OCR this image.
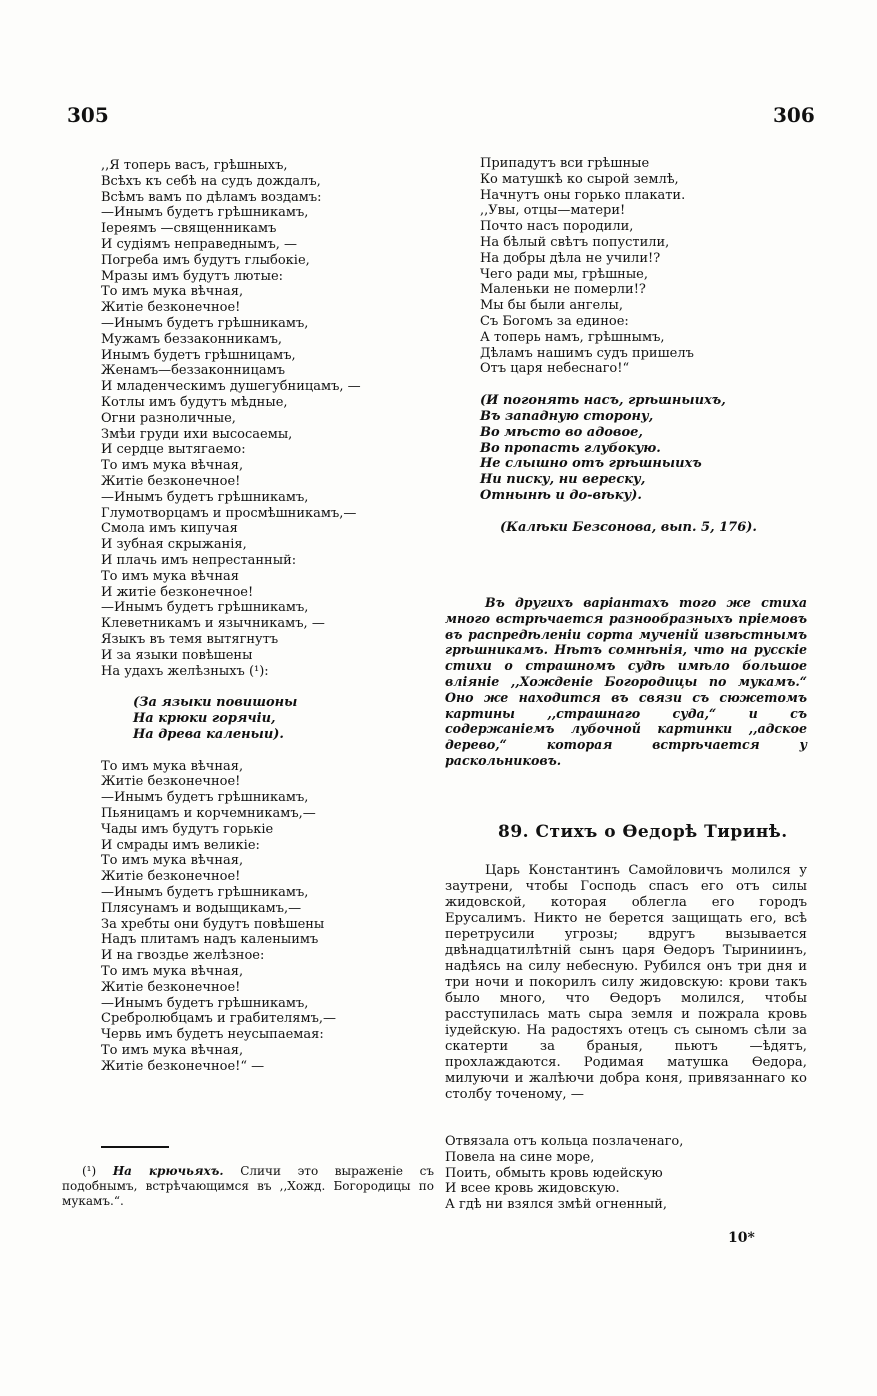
305	306
,,Я топерь васъ, грѣшныхъ,
Всѣхъ къ себѣ на судъ дождалъ,
Всѣмъ вамъ по дѣламъ воздамъ:
—Инымъ будетъ грѣшникамъ,
Iереямъ —священникамъ
И судiямъ неправеднымъ, —
Погреба имъ будутъ глыбокiе,
Мразы имъ будутъ лютые:
То имъ мука вѣчная,
Житiе безконечное!
—Инымъ будетъ грѣшникамъ,
Мужамъ беззаконникамъ,
Инымъ будетъ грѣшницамъ,
Женамъ—беззаконницамъ
И младенческимъ душегубницамъ, —
Котлы имъ будутъ мѣдные,
Огни разноличные,
Змѣи груди ихи высосаемы,
И сердце вытягаемо:
То имъ мука вѣчная,
Житiе безконечное!
—Инымъ будетъ грѣшникамъ,
Глумотворцамъ и просмѣшникамъ,—
Смола имъ кипучая
И зубная скрыжанiя,
И плачь имъ непрестанный:
То имъ мука вѣчная
И житiе безконечное!
—Инымъ будетъ грѣшникамъ,
Клеветникамъ и язычникамъ, —
Языкъ въ темя вытягнутъ
И за языки повѣшены
На удахъ желѣзныхъ (¹):
(За языки повишоны
На крюки горячiи,
На древа каленыи).
То имъ мука вѣчная,
Житiе безконечное!
—Инымъ будетъ грѣшникамъ,
Пьяницамъ и корчемникамъ,—
Чады имъ будутъ горькiе
И смрады имъ великiе:
То имъ мука вѣчная,
Житiе безконечное!
—Инымъ будетъ грѣшникамъ,
Плясунамъ и водыщикамъ,—
За хребты они будутъ повѣшены
Надъ плитамъ надъ каленыимъ
И на гвоздье желѣзное:
То имъ мука вѣчная,
Житiе безконечное!
—Инымъ будетъ грѣшникамъ,
Сребролюбцамъ и грабителямъ,—
Червь имъ будетъ неусыпаемая:
То имъ мука вѣчная,
Житiе безконечное!“ —
(¹) На крючьяхъ. Сличи это выраженiе съ подобнымъ, встрѣчающимся въ ,,Хожд. Богородицы по мукамъ.“.
Припадутъ вси грѣшные
Ко матушкѣ ко сырой землѣ,
Начнутъ оны горько плакати.
,,Увы, отцы—матери!
Почто насъ породили,
На бѣлый свѣтъ попустили,
На добры дѣла не учили!?
Чего ради мы, грѣшные,
Маленьки не померли!?
Мы бы были ангелы,
Съ Богомъ за единое:
А топерь намъ, грѣшнымъ,
Дѣламъ нашимъ судъ пришелъ
Отъ царя небеснаго!“
(И погонять насъ, грѣшныихъ,
Въ западную сторону,
Во мѣсто во адовое,
Во пропасть глубокую.
Не слышно отъ грѣшныихъ
Ни писку, ни вереску,
Отнынѣ и до-вѣку).
(Калѣки Безсонова, вып. 5, 176).
Въ другихъ варiантахъ того же стиха много встрѣчается разнообразныхъ прiемовъ въ распредѣленiи сорта мученiй извѣстнымъ грѣшникамъ. Нѣтъ сомнѣнiя, что на русскiе стихи о страшномъ судѣ имѣло большое влiянiе ,,Хожденiе Богородицы по мукамъ.“ Оно же находится въ связи съ сюжетомъ картины ,,страшнаго суда,“ и съ содержанiемъ лубочной картинки ,,адское дерево,“ которая встрѣчается у раскольниковъ.
89. Стихъ о Ѳедорѣ Тиринѣ.
Царь Константинъ Самойловичъ молился у заутрени, чтобы Господь спасъ его отъ силы жидовской, которая облегла его городъ Ерусалимъ. Никто не берется защищать его, всѣ перетрусили угрозы; вдругъ вызывается двѣнадцатилѣтнiй сынъ царя Ѳедоръ Тыриниинъ, надѣясь на силу небесную. Рубился онъ три дня и три ночи и покорилъ силу жидовскую: крови такъ было много, что Ѳедоръ молился, чтобы расступилась мать сыра земля и пожрала кровь iудейскую. На радостяхъ отецъ съ сыномъ сѣли за скатерти за браныя, пьютъ —ѣдятъ, прохлаждаются. Родимая матушка Ѳедора, милуючи и жалѣючи добра коня, привязаннаго ко столбу точеному, —
Отвязала отъ кольца позлаченаго,
Повела на сине море,
Поить, обмыть кровь юдейскую
И всее кровь жидовскую.
А гдѣ ни взялся змѣй огненный,
10*
